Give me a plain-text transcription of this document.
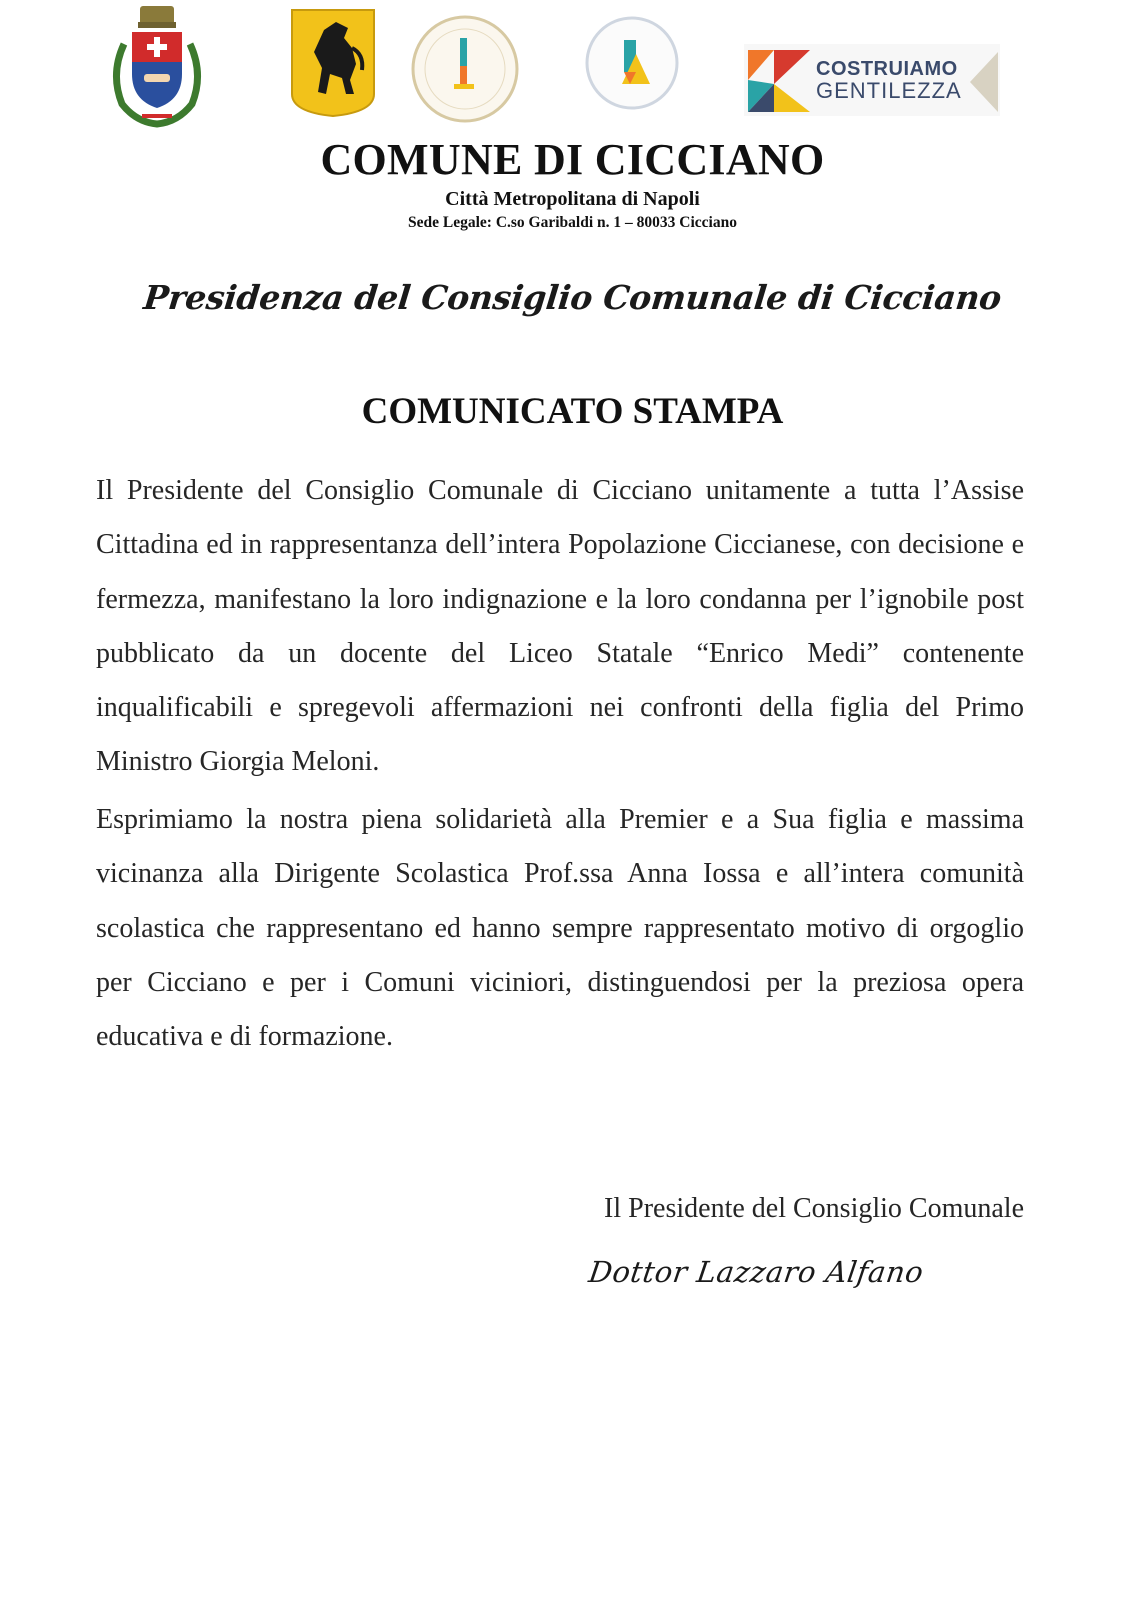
COSTRUIAMO
GENTILEZZA
COMUNE DI CICCIANO
Città Metropolitana di Napoli
Sede Legale: C.so Garibaldi n. 1 – 80033 Cicciano
Presidenza del Consiglio Comunale di Cicciano
COMUNICATO STAMPA

Il Presidente del Consiglio Comunale di Cicciano unitamente a tutta l’Assise Cittadina ed in rappresentanza dell’intera Popolazione Ciccianese, con decisione e fermezza, manifestano la loro indignazione e la loro condanna per l’ignobile post pubblicato da un docente del Liceo Statale “Enrico Medi” contenente inqualificabili e spregevoli affermazioni nei confronti della figlia del Primo Ministro Giorgia Meloni.

Esprimiamo la nostra piena solidarietà alla Premier e a Sua figlia e massima vicinanza alla Dirigente Scolastica Prof.ssa Anna Iossa e all’intera comunità scolastica che rappresentano ed hanno sempre rappresentato motivo di orgoglio per Cicciano e per i Comuni viciniori, distinguendosi per la preziosa opera educativa e di formazione.

Il Presidente del Consiglio Comunale
Dottor Lazzaro Alfano
